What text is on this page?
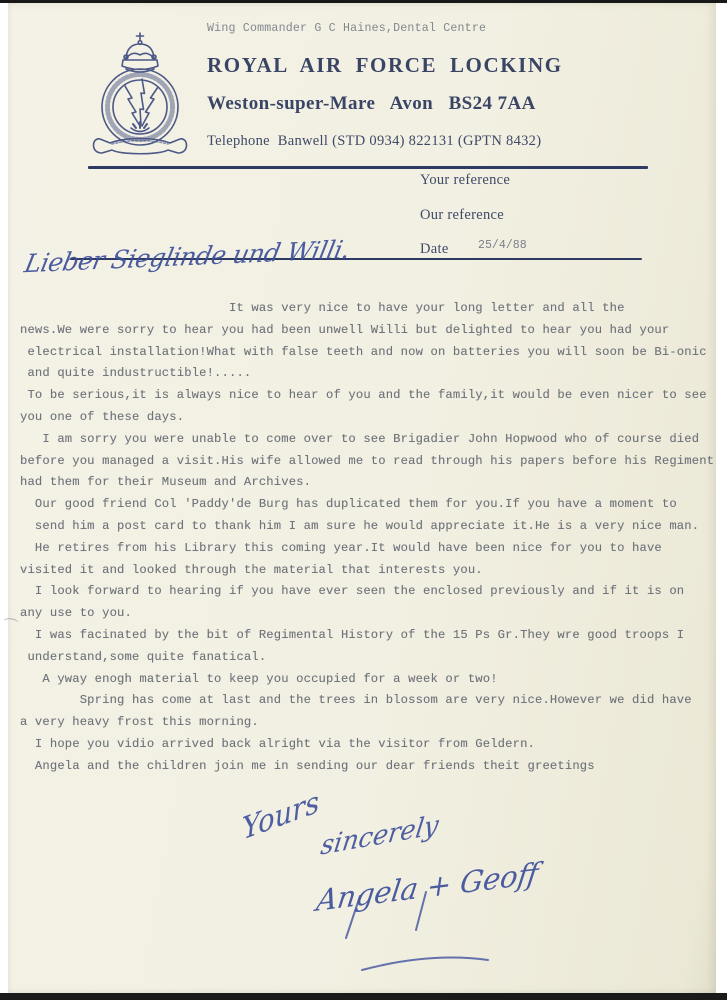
Wing Commander G C Haines,Dental Centre
ROYAL AIR FORCE LOCKING
Weston-super-Mare   Avon   BS24 7AA
Telephone  Banwell (STD 0934) 822131 (GPTN 8432)
Your reference
Our reference
Date	25/4/88
Lieber Sieglinde und Willi.
It was very nice to have your long letter and all the
news.We were sorry to hear you had been unwell Willi but delighted to hear you had your
electrical installation!What with false teeth and now on batteries you will soon be Bi-onic
and quite industructible!.....
To be serious,it is always nice to hear of you and the family,it would be even nicer to see
you one of these days.
I am sorry you were unable to come over to see Brigadier John Hopwood who of course died
before you managed a visit.His wife allowed me to read through his papers before his Regiment
had them for their Museum and Archives.
Our good friend Col 'Paddy'de Burg has duplicated them for you.If you have a moment to
send him a post card to thank him I am sure he would appreciate it.He is a very nice man.
He retires from his Library this coming year.It would have been nice for you to have
visited it and looked through the material that interests you.
I look forward to hearing if you have ever seen the enclosed previously and if it is on
any use to you.
I was facinated by the bit of Regimental History of the 15 Ps Gr.They wre good troops I
understand,some quite fanatical.
A yway enogh material to keep you occupied for a week or two!
Spring has come at last and the trees in blossom are very nice.However we did have
a very heavy frost this morning.
I hope you vidio arrived back alright via the visitor from Geldern.
Angela and the children join me in sending our dear friends theit greetings
⌒
Yours
sincerely
Angela + Geoff
